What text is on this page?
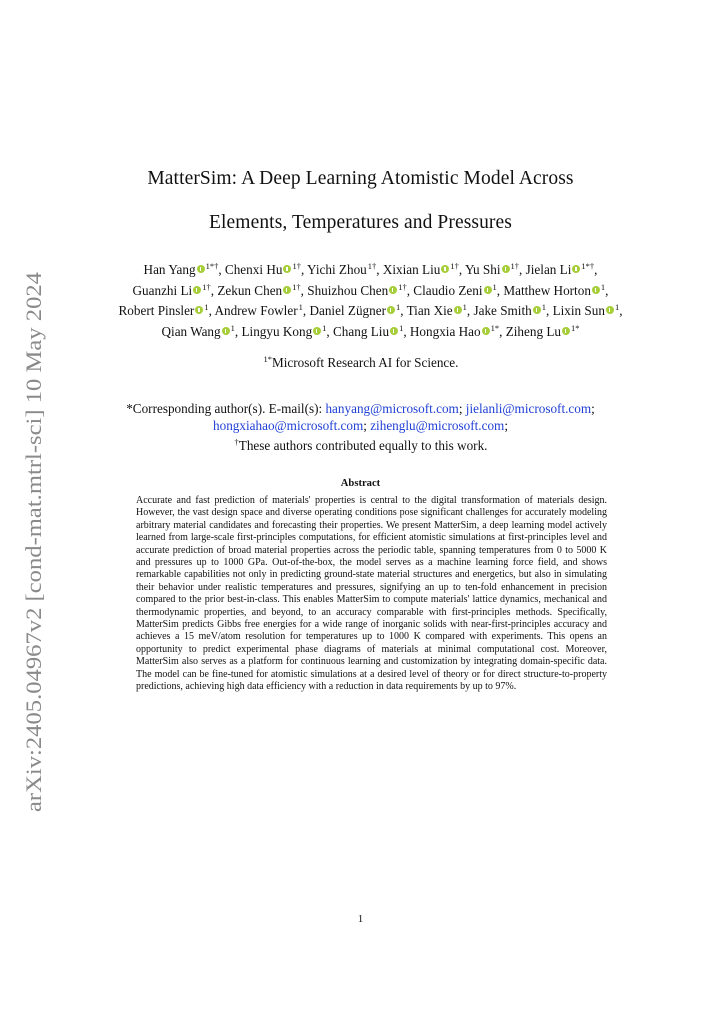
arXiv:2405.04967v2 [cond-mat.mtrl-sci] 10 May 2024
MatterSim: A Deep Learning Atomistic Model Across
Elements, Temperatures and Pressures
Han Yang $^{1*\dagger}$, Chenxi Hu $^{1\dagger}$, Yichi Zhou$^{1\dagger}$, Xixian Liu $^{1\dagger}$, Yu Shi $^{1\dagger}$, Jielan Li $^{1*\dagger}$, Guanzhi Li $^{1\dagger}$, Zekun Chen $^{1\dagger}$, Shuizhou Chen $^{1\dagger}$, Claudio Zeni $^1$, Matthew Horton $^1$, Robert Pinsler $^1$, Andrew Fowler$^1$, Daniel Zügner $^1$, Tian Xie $^1$, Jake Smith $^1$, Lixin Sun $^1$, Qian Wang $^1$, Lingyu Kong $^1$, Chang Liu $^1$, Hongxia Hao $^{1*}$, Ziheng Lu $^{1*}$
$^{1*}$Microsoft Research AI for Science.
*Corresponding author(s). E-mail(s): hanyang@microsoft.com; jielanli@microsoft.com;
hongxiahao@microsoft.com; zihenglu@microsoft.com;
†These authors contributed equally to this work.
Abstract
Accurate and fast prediction of materials' properties is central to the digital transformation of materials design. However, the vast design space and diverse operating conditions pose significant challenges for accurately modeling arbitrary material candidates and forecasting their properties. We present MatterSim, a deep learning model actively learned from large-scale first-principles computations, for efficient atomistic simulations at first-principles level and accurate prediction of broad material properties across the periodic table, spanning temperatures from 0 to 5000 K and pressures up to 1000 GPa. Out-of-the-box, the model serves as a machine learning force field, and shows remarkable capabilities not only in predicting ground-state material structures and energetics, but also in simulating their behavior under realistic temperatures and pressures, signifying an up to ten-fold enhancement in precision compared to the prior best-in-class. This enables MatterSim to compute materials' lattice dynamics, mechanical and thermodynamic properties, and beyond, to an accuracy comparable with first-principles methods. Specifically, MatterSim predicts Gibbs free energies for a wide range of inorganic solids with near-first-principles accuracy and achieves a 15 meV/atom resolution for temperatures up to 1000 K compared with experiments. This opens an opportunity to predict experimental phase diagrams of materials at minimal computational cost. Moreover, MatterSim also serves as a platform for continuous learning and customization by integrating domain-specific data. The model can be fine-tuned for atomistic simulations at a desired level of theory or for direct structure-to-property predictions, achieving high data efficiency with a reduction in data requirements by up to 97%.
1
